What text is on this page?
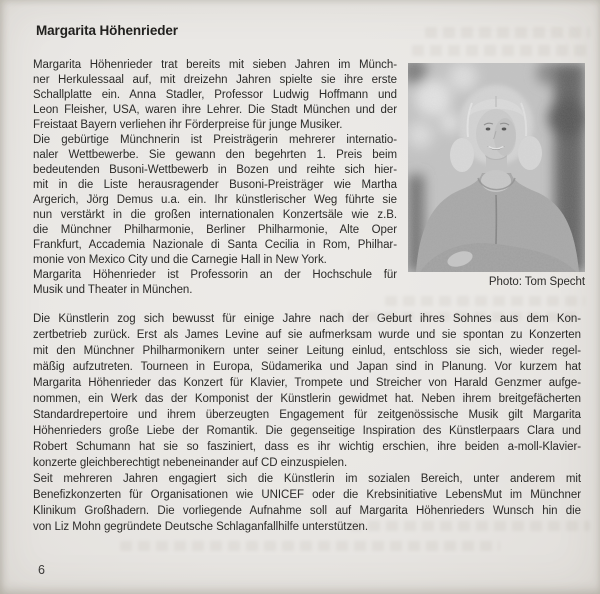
Margarita Höhenrieder
Margarita Höhenrieder trat bereits mit sieben Jahren im Münch-
ner Herkulessaal auf, mit dreizehn Jahren spielte sie ihre erste
Schallplatte ein. Anna Stadler, Professor Ludwig Hoffmann und
Leon Fleisher, USA, waren ihre Lehrer. Die Stadt München und der
Freistaat Bayern verliehen ihr Förderpreise für junge Musiker.
Die gebürtige Münchnerin ist Preisträgerin mehrerer internatio-
naler Wettbewerbe. Sie gewann den begehrten 1. Preis beim
bedeutenden Busoni-Wettbewerb in Bozen und reihte sich hier-
mit in die Liste herausragender Busoni-Preisträger wie Martha
Argerich, Jörg Demus u.a. ein. Ihr künstlerischer Weg führte sie
nun verstärkt in die großen internationalen Konzertsäle wie z.B.
die Münchner Philharmonie, Berliner Philharmonie, Alte Oper
Frankfurt, Accademia Nazionale di Santa Cecilia in Rom, Philhar-
monie von Mexico City und die Carnegie Hall in New York.
Margarita Höhenrieder ist Professorin an der Hochschule für
Musik und Theater in München.
Photo: Tom Specht
Die Künstlerin zog sich bewusst für einige Jahre nach der Geburt ihres Sohnes aus dem Kon-
zertbetrieb zurück. Erst als James Levine auf sie aufmerksam wurde und sie spontan zu Konzerten
mit den Münchner Philharmonikern unter seiner Leitung einlud, entschloss sie sich, wieder regel-
mäßig aufzutreten. Tourneen in Europa, Südamerika und Japan sind in Planung. Vor kurzem hat
Margarita Höhenrieder das Konzert für Klavier, Trompete und Streicher von Harald Genzmer aufge-
nommen, ein Werk das der Komponist der Künstlerin gewidmet hat. Neben ihrem breitgefächerten
Standardrepertoire und ihrem überzeugten Engagement für zeitgenössische Musik gilt Margarita
Höhenrieders große Liebe der Romantik. Die gegenseitige Inspiration des Künstlerpaars Clara und
Robert Schumann hat sie so fasziniert, dass es ihr wichtig erschien, ihre beiden a-moll-Klavier-
konzerte gleichberechtigt nebeneinander auf CD einzuspielen.
Seit mehreren Jahren engagiert sich die Künstlerin im sozialen Bereich, unter anderem mit
Benefizkonzerten für Organisationen wie UNICEF oder die Krebsinitiative LebensMut im Münchner
Klinikum Großhadern. Die vorliegende Aufnahme soll auf Margarita Höhenrieders Wunsch hin die
von Liz Mohn gegründete Deutsche Schlaganfallhilfe unterstützen.
6
